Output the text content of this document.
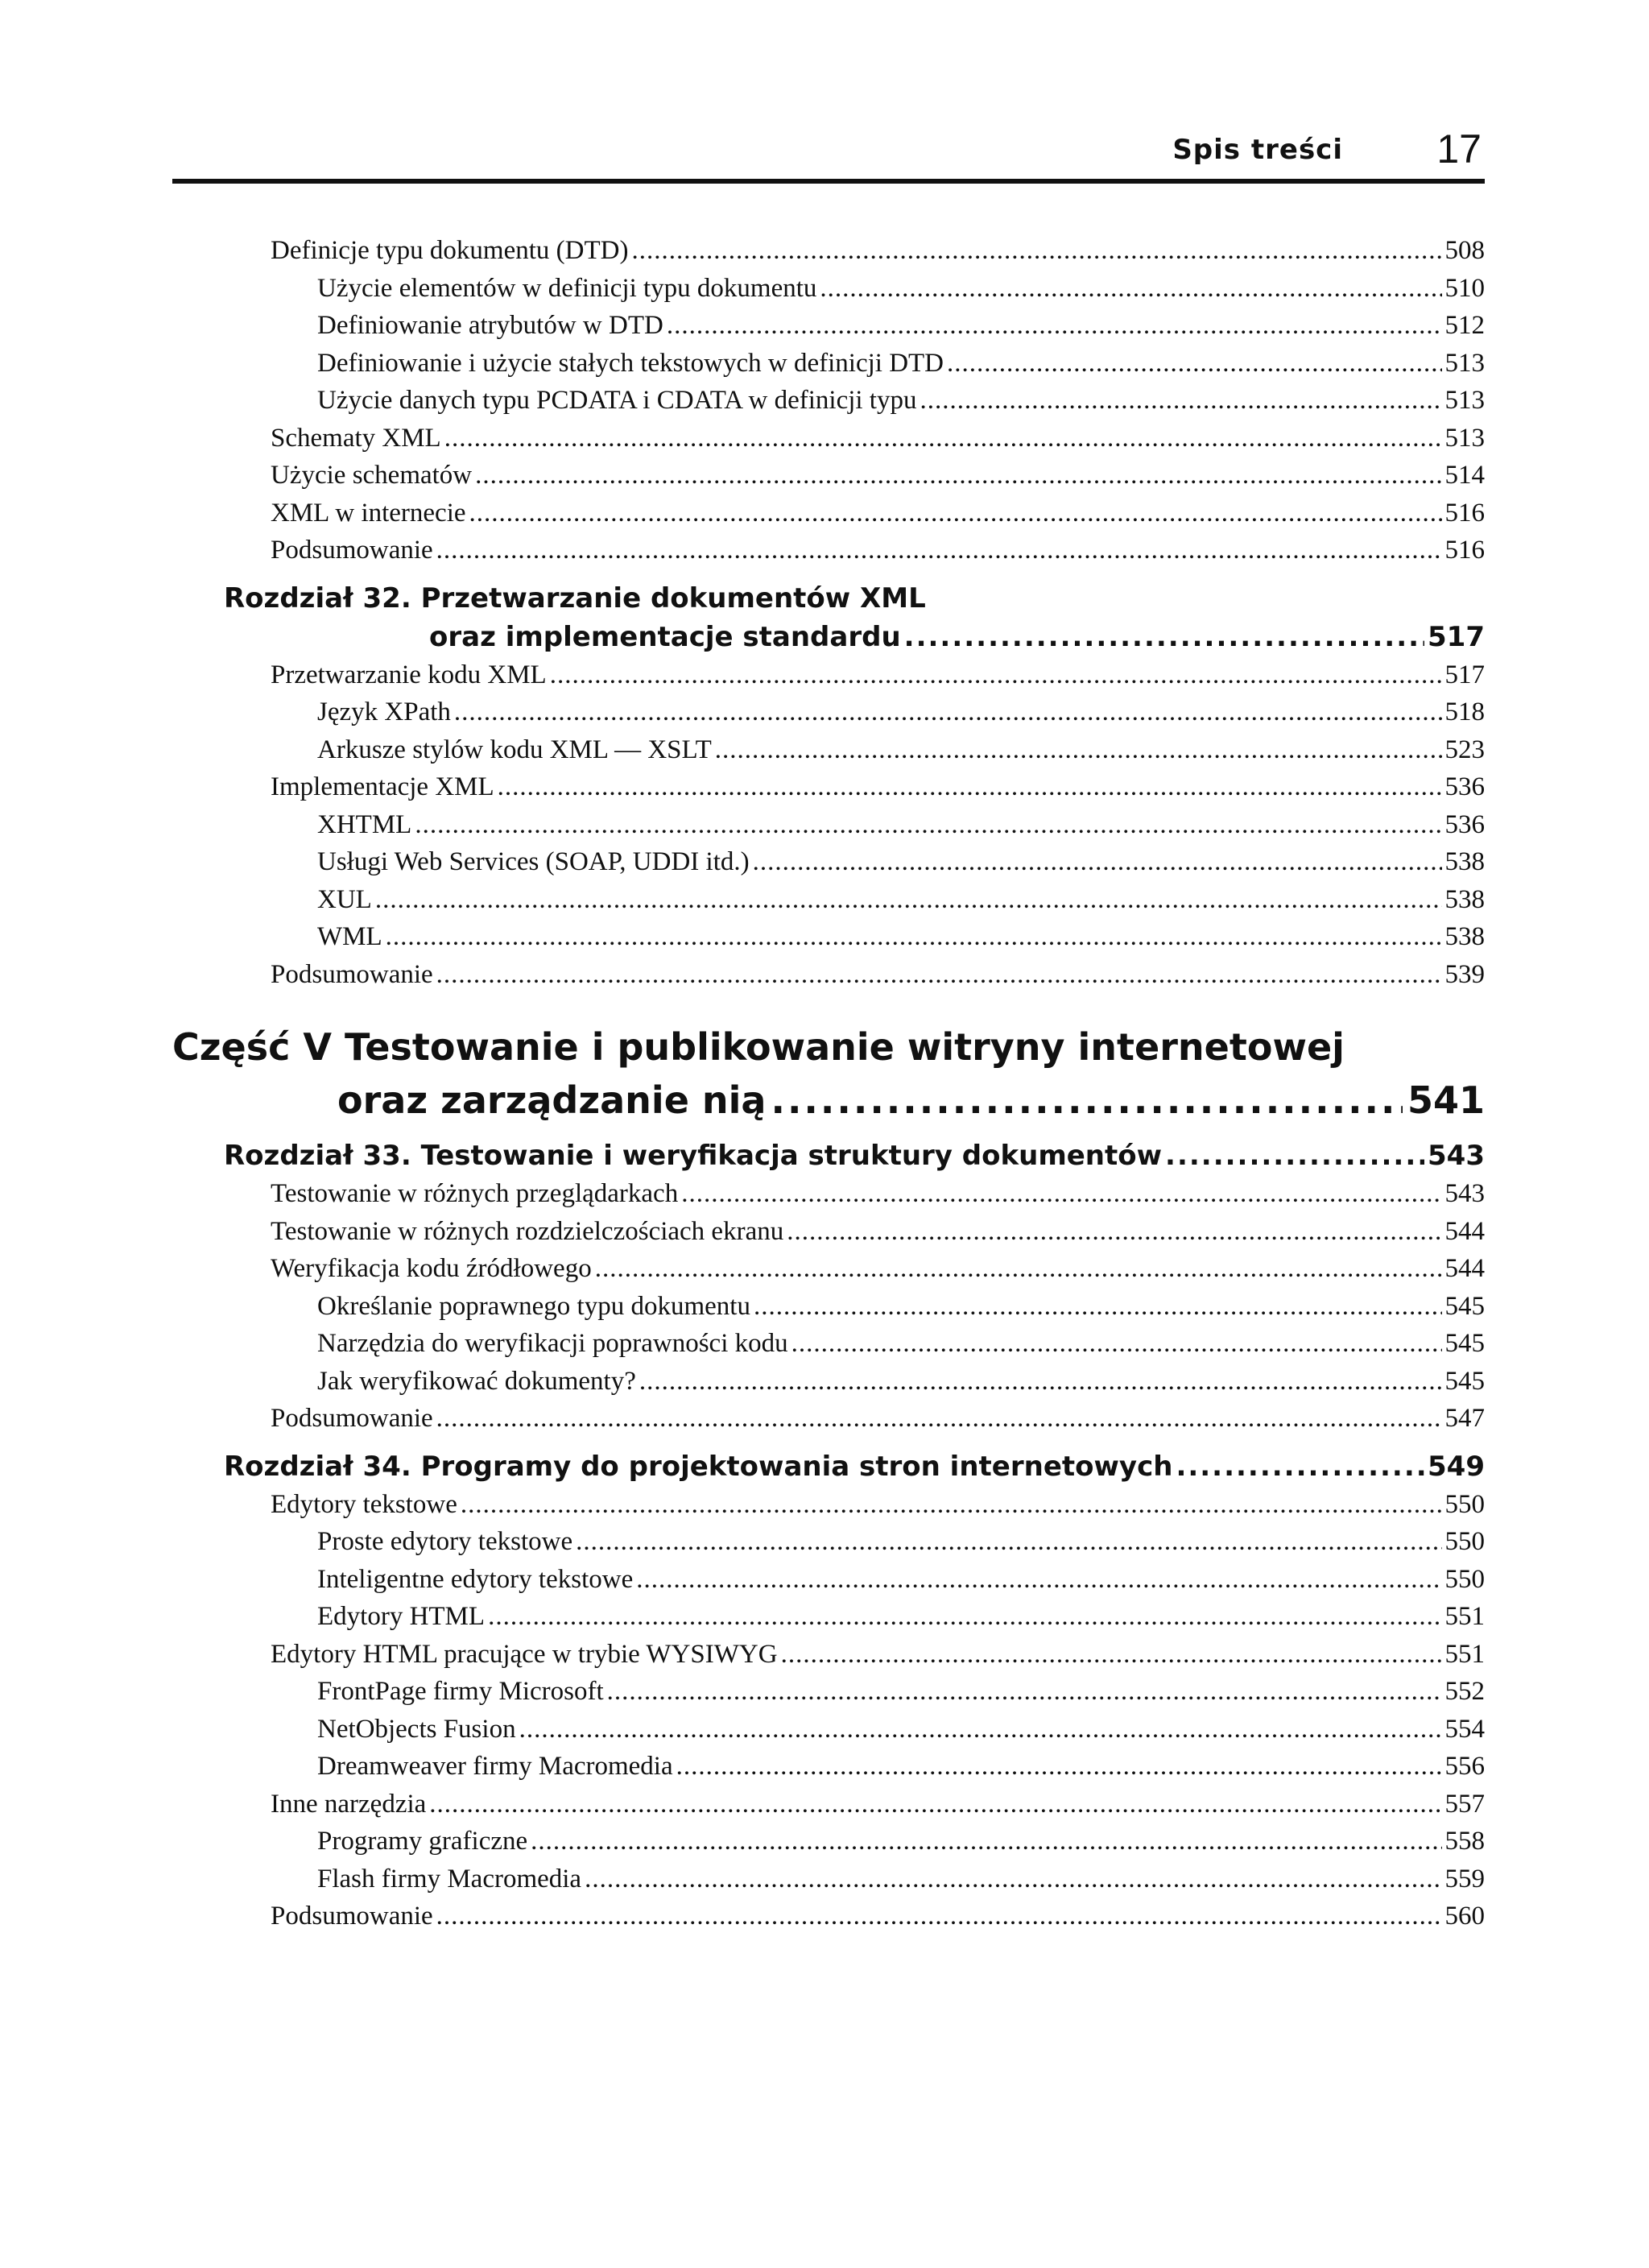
Spis treści 17
Definicje typu dokumentu (DTD) .....	508
Użycie elementów w definicji typu dokumentu .....	510
Definiowanie atrybutów w DTD .....	512
Definiowanie i użycie stałych tekstowych w definicji DTD .....	513
Użycie danych typu PCDATA i CDATA w definicji typu .....	513
Schematy XML .....	513
Użycie schematów .....	514
XML w internecie .....	516
Podsumowanie .....	516
Rozdział 32. Przetwarzanie dokumentów XML
oraz implementacje standardu .....	517
Przetwarzanie kodu XML .....	517
Język XPath .....	518
Arkusze stylów kodu XML — XSLT .....	523
Implementacje XML .....	536
XHTML .....	536
Usługi Web Services (SOAP, UDDI itd.) .....	538
XUL .....	538
WML .....	538
Podsumowanie .....	539
Część V Testowanie i publikowanie witryny internetowej
oraz zarządzanie nią .....	541
Rozdział 33. Testowanie i weryfikacja struktury dokumentów .....	543
Testowanie w różnych przeglądarkach .....	543
Testowanie w różnych rozdzielczościach ekranu .....	544
Weryfikacja kodu źródłowego .....	544
Określanie poprawnego typu dokumentu .....	545
Narzędzia do weryfikacji poprawności kodu .....	545
Jak weryfikować dokumenty? .....	545
Podsumowanie .....	547
Rozdział 34. Programy do projektowania stron internetowych .....	549
Edytory tekstowe .....	550
Proste edytory tekstowe .....	550
Inteligentne edytory tekstowe .....	550
Edytory HTML .....	551
Edytory HTML pracujące w trybie WYSIWYG .....	551
FrontPage firmy Microsoft .....	552
NetObjects Fusion .....	554
Dreamweaver firmy Macromedia .....	556
Inne narzędzia .....	557
Programy graficzne .....	558
Flash firmy Macromedia .....	559
Podsumowanie .....	560
